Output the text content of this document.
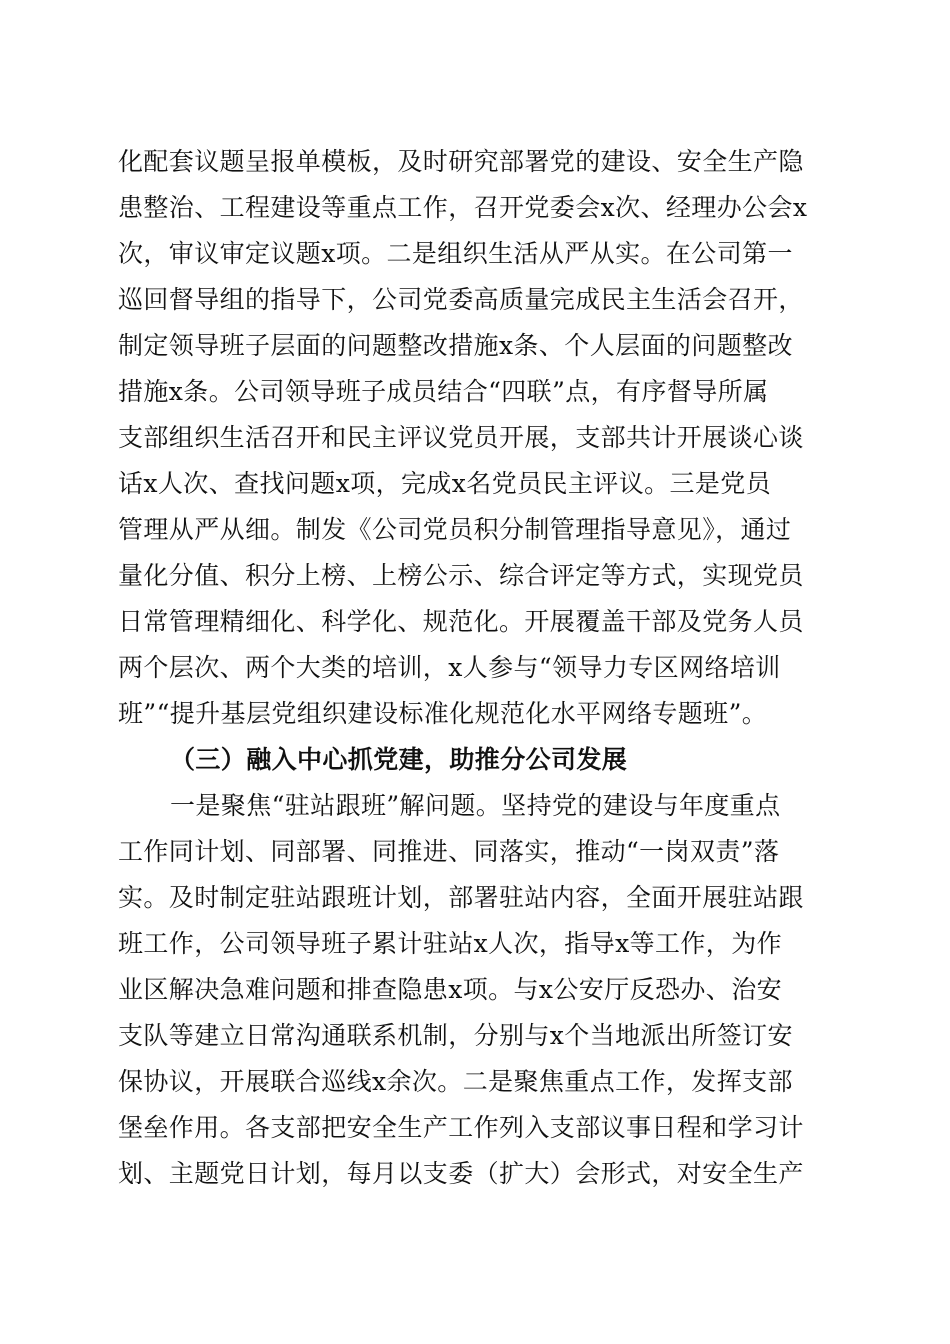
化配套议题呈报单模板，及时研究部署党的建设、安全生产隐
患整治、工程建设等重点工作，召开党委会x次、经理办公会x
次，审议审定议题x项。二是组织生活从严从实。在公司第一
巡回督导组的指导下，公司党委高质量完成民主生活会召开，
制定领导班子层面的问题整改措施x条、个人层面的问题整改
措施x条。公司领导班子成员结合“四联”点，有序督导所属
支部组织生活召开和民主评议党员开展，支部共计开展谈心谈
话x人次、查找问题x项，完成x名党员民主评议。三是党员
管理从严从细。制发《公司党员积分制管理指导意见》，通过
量化分值、积分上榜、上榜公示、综合评定等方式，实现党员
日常管理精细化、科学化、规范化。开展覆盖干部及党务人员
两个层次、两个大类的培训，x人参与“领导力专区网络培训
班”“提升基层党组织建设标准化规范化水平网络专题班”。
（三）融入中心抓党建，助推分公司发展
一是聚焦“驻站跟班”解问题。坚持党的建设与年度重点
工作同计划、同部署、同推进、同落实，推动“一岗双责”落
实。及时制定驻站跟班计划，部署驻站内容，全面开展驻站跟
班工作，公司领导班子累计驻站x人次，指导x等工作，为作
业区解决急难问题和排查隐患x项。与x公安厅反恐办、治安
支队等建立日常沟通联系机制，分别与x个当地派出所签订安
保协议，开展联合巡线x余次。二是聚焦重点工作，发挥支部
堡垒作用。各支部把安全生产工作列入支部议事日程和学习计
划、主题党日计划，每月以支委（扩大）会形式，对安全生产
